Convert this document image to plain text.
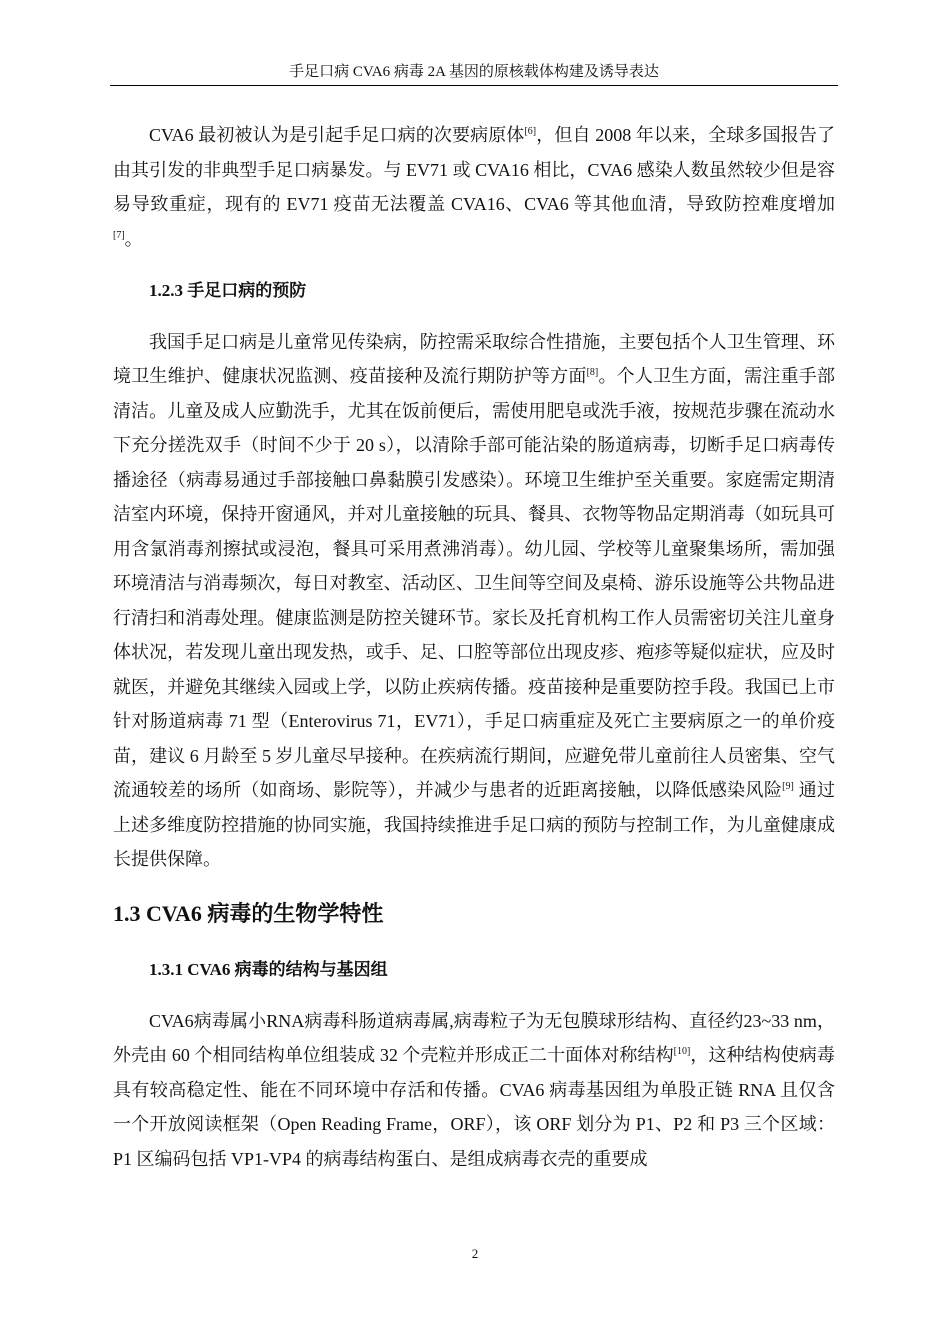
手足口病 CVA6 病毒 2A 基因的原核载体构建及诱导表达

CVA6 最初被认为是引起手足口病的次要病原体[6]，但自 2008 年以来，全球多国报告了由其引发的非典型手足口病暴发。与 EV71 或 CVA16 相比，CVA6 感染人数虽然较少但是容易导致重症，现有的 EV71 疫苗无法覆盖 CVA16、CVA6 等其他血清，导致防控难度增加[7]。

1.2.3 手足口病的预防

我国手足口病是儿童常见传染病，防控需采取综合性措施，主要包括个人卫生管理、环境卫生维护、健康状况监测、疫苗接种及流行期防护等方面[8]。个人卫生方面，需注重手部清洁。儿童及成人应勤洗手，尤其在饭前便后，需使用肥皂或洗手液，按规范步骤在流动水下充分搓洗双手（时间不少于 20 s），以清除手部可能沾染的肠道病毒，切断手足口病毒传播途径（病毒易通过手部接触口鼻黏膜引发感染）。环境卫生维护至关重要。家庭需定期清洁室内环境，保持开窗通风，并对儿童接触的玩具、餐具、衣物等物品定期消毒（如玩具可用含氯消毒剂擦拭或浸泡，餐具可采用煮沸消毒）。幼儿园、学校等儿童聚集场所，需加强环境清洁与消毒频次，每日对教室、活动区、卫生间等空间及桌椅、游乐设施等公共物品进行清扫和消毒处理。健康监测是防控关键环节。家长及托育机构工作人员需密切关注儿童身体状况，若发现儿童出现发热，或手、足、口腔等部位出现皮疹、疱疹等疑似症状，应及时就医，并避免其继续入园或上学，以防止疾病传播。疫苗接种是重要防控手段。我国已上市针对肠道病毒 71 型（Enterovirus 71，EV71），手足口病重症及死亡主要病原之一的单价疫苗，建议 6 月龄至 5 岁儿童尽早接种。在疾病流行期间，应避免带儿童前往人员密集、空气流通较差的场所（如商场、影院等），并减少与患者的近距离接触，以降低感染风险[9] 通过上述多维度防控措施的协同实施，我国持续推进手足口病的预防与控制工作，为儿童健康成长提供保障。

1.3 CVA6 病毒的生物学特性
1.3.1 CVA6 病毒的结构与基因组

CVA6病毒属小RNA病毒科肠道病毒属,病毒粒子为无包膜球形结构、直径约23~33 nm，外壳由 60 个相同结构单位组装成 32 个壳粒并形成正二十面体对称结构[10]，这种结构使病毒具有较高稳定性、能在不同环境中存活和传播。CVA6 病毒基因组为单股正链 RNA 且仅含一个开放阅读框架（Open Reading Frame，ORF），该 ORF 划分为 P1、P2 和 P3 三个区域：P1 区编码包括 VP1-VP4 的病毒结构蛋白、是组成病毒衣壳的重要成

2
